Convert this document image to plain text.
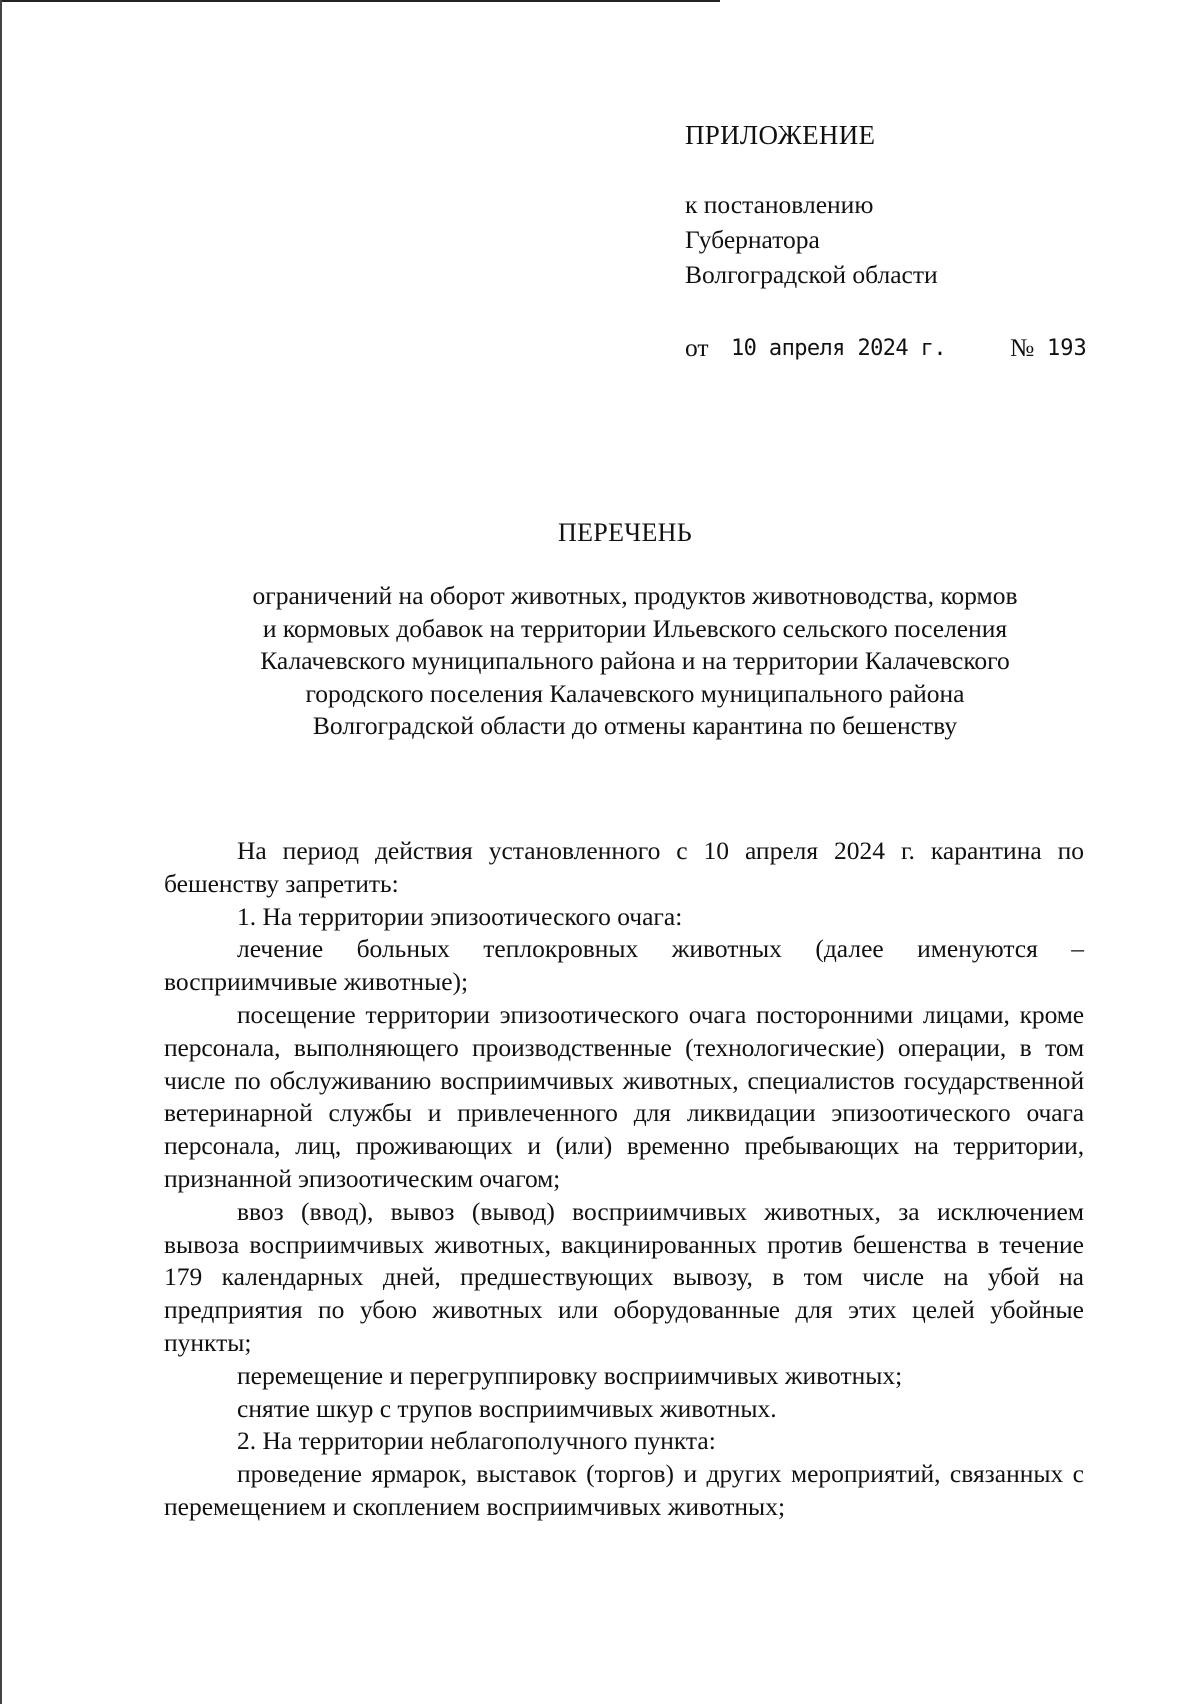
ПРИЛОЖЕНИЕ
к постановлению
Губернатора
Волгоградской области
от 10 апреля 2024 г.	№ 193
ПЕРЕЧЕНЬ
ограничений на оборот животных, продуктов животноводства, кормов
и кормовых добавок на территории Ильевского сельского поселения
Калачевского муниципального района и на территории Калачевского
городского поселения Калачевского муниципального района
Волгоградской области до отмены карантина по бешенству

На период действия установленного с 10 апреля 2024 г. карантина по бешенству запретить:

1. На территории эпизоотического очага:

лечение больных теплокровных животных (далее именуются – восприимчивые животные);

посещение территории эпизоотического очага посторонними лицами, кроме персонала, выполняющего производственные (технологические) операции, в том числе по обслуживанию восприимчивых животных, специалистов государственной ветеринарной службы и привлеченного для ликвидации эпизоотического очага персонала, лиц, проживающих и (или) временно пребывающих на территории, признанной эпизоотическим очагом;

ввоз (ввод), вывоз (вывод) восприимчивых животных, за исключением вывоза восприимчивых животных, вакцинированных против бешенства в течение 179 календарных дней, предшествующих вывозу, в том числе на убой на предприятия по убою животных или оборудованные для этих целей убойные пункты;

перемещение и перегруппировку восприимчивых животных;

снятие шкур с трупов восприимчивых животных.

2. На территории неблагополучного пункта:

проведение ярмарок, выставок (торгов) и других мероприятий, связанных с перемещением и скоплением восприимчивых животных;
